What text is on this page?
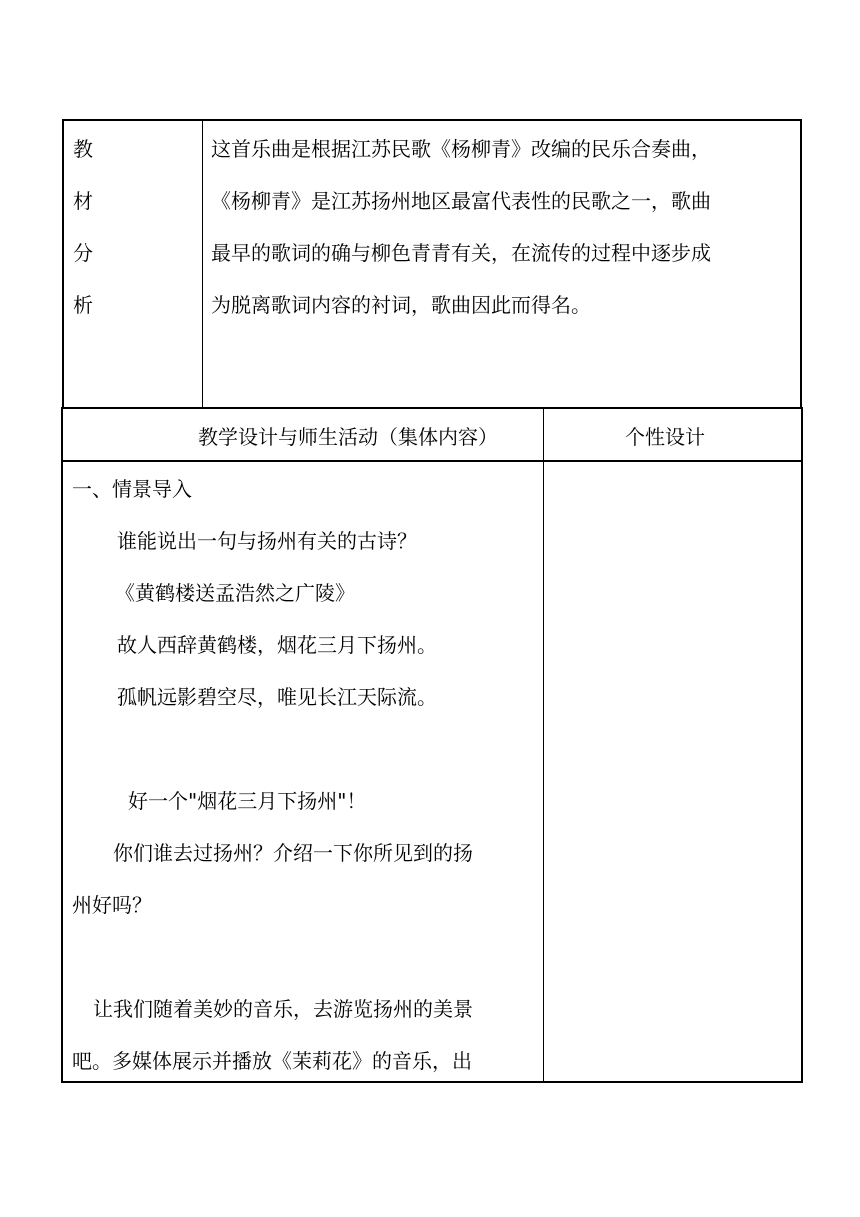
教
材
分
析
这首乐曲是根据江苏民歌《杨柳青》改编的民乐合奏曲，
《杨柳青》是江苏扬州地区最富代表性的民歌之一，歌曲
最早的歌词的确与柳色青青有关，在流传的过程中逐步成
为脱离歌词内容的衬词，歌曲因此而得名。
教学设计与师生活动（集体内容）	个性设计
一、情景导入
谁能说出一句与扬州有关的古诗？
《黄鹤楼送孟浩然之广陵》
故人西辞黄鹤楼，烟花三月下扬州。
孤帆远影碧空尽，唯见长江天际流。
好一个"烟花三月下扬州"！
你们谁去过扬州？介绍一下你所见到的扬
州好吗？
让我们随着美妙的音乐，去游览扬州的美景
吧。多媒体展示并播放《茉莉花》的音乐，出
